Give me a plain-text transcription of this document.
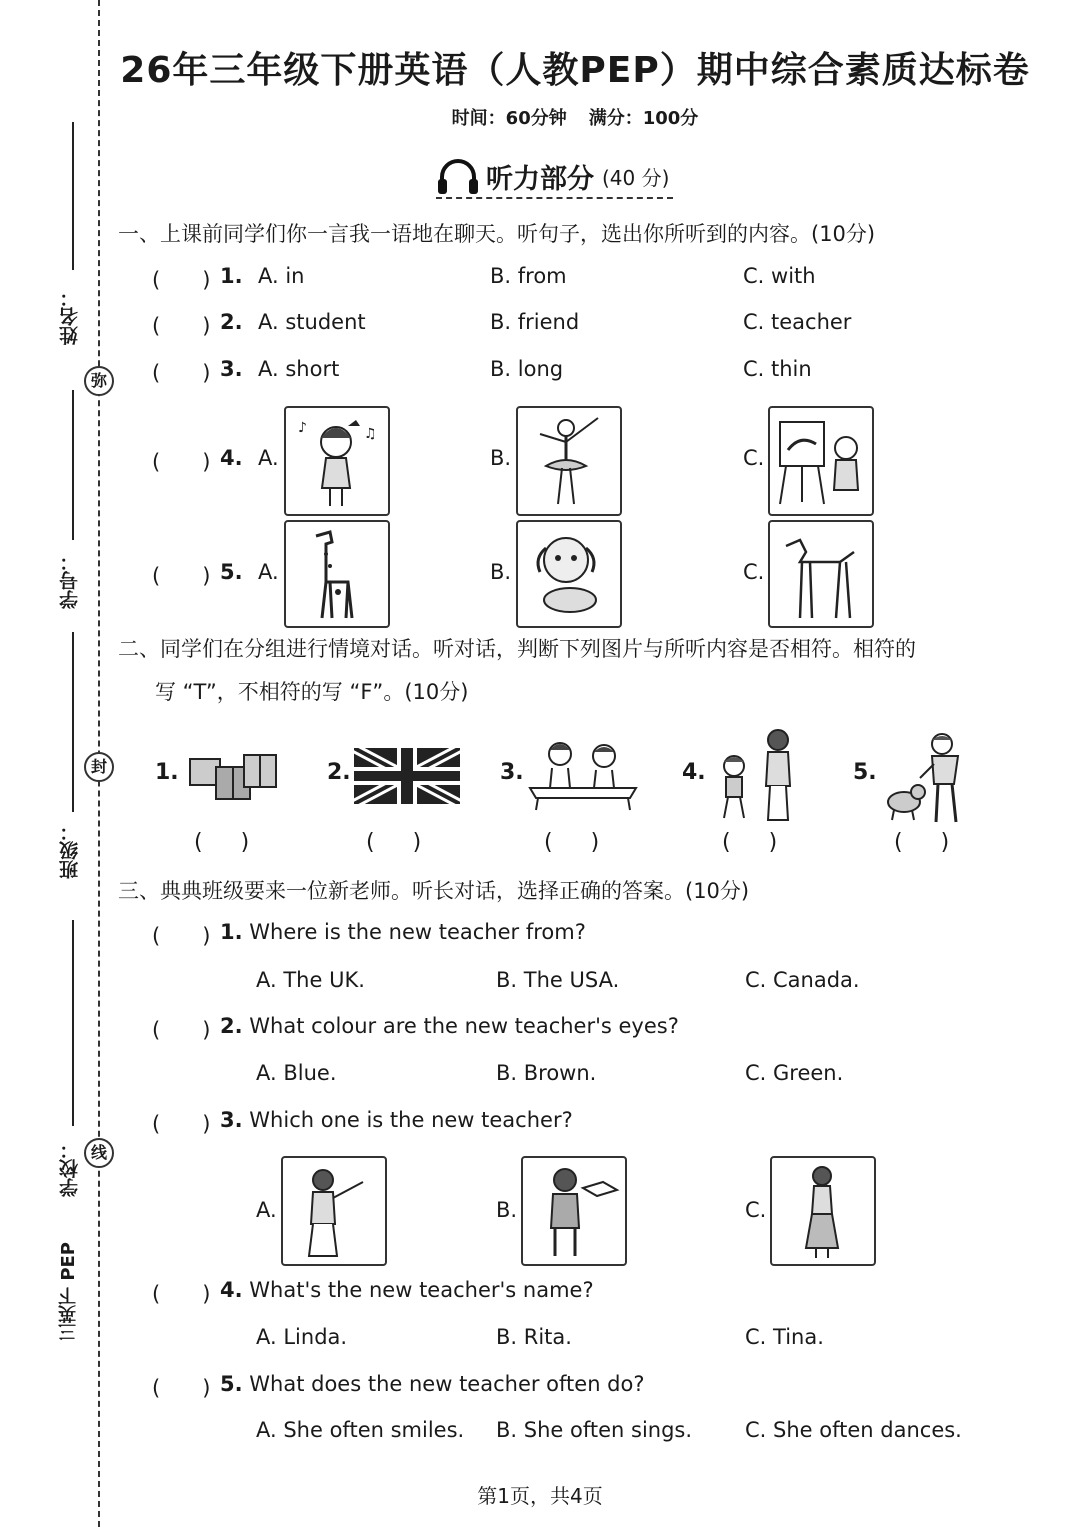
姓名：
学号：
班级：
学校：
三英下 PEP
弥
封
线
26年三年级下册英语（人教PEP）期中综合素质达标卷
时间：60分钟 满分：100分
听力部分 (40 分)
一、上课前同学们你一言我一语地在聊天。听句子，选出你所听到的内容。(10分)
(　　) 1. A. in	B. from	C. with
(　　) 2. A. student	B. friend	C. teacher
(　　) 3. A. short	B. long	C. thin
(　　) 4. A.
♪	♫
B.	C.
(　　) 5. A.	B.	C.
二、同学们在分组进行情境对话。听对话，判断下列图片与所听内容是否相符。相符的
写 “T”，不相符的写 “F”。(10分)
1.
()
2.
()
3.
()
4.
()
5.
()
三、典典班级要来一位新老师。听长对话，选择正确的答案。(10分)
(　　) 1. Where is the new teacher from?
A. The UK.	B. The USA.	C. Canada.
(　　) 2. What colour are the new teacher's eyes?
A. Blue.	B. Brown.	C. Green.
(　　) 3. Which one is the new teacher?
A.	B.	C.
(　　) 4. What's the new teacher's name?
A. Linda.	B. Rita.	C. Tina.
(　　) 5. What does the new teacher often do?
A. She often smiles. B. She often sings.	C. She often dances.
第1页，共4页
